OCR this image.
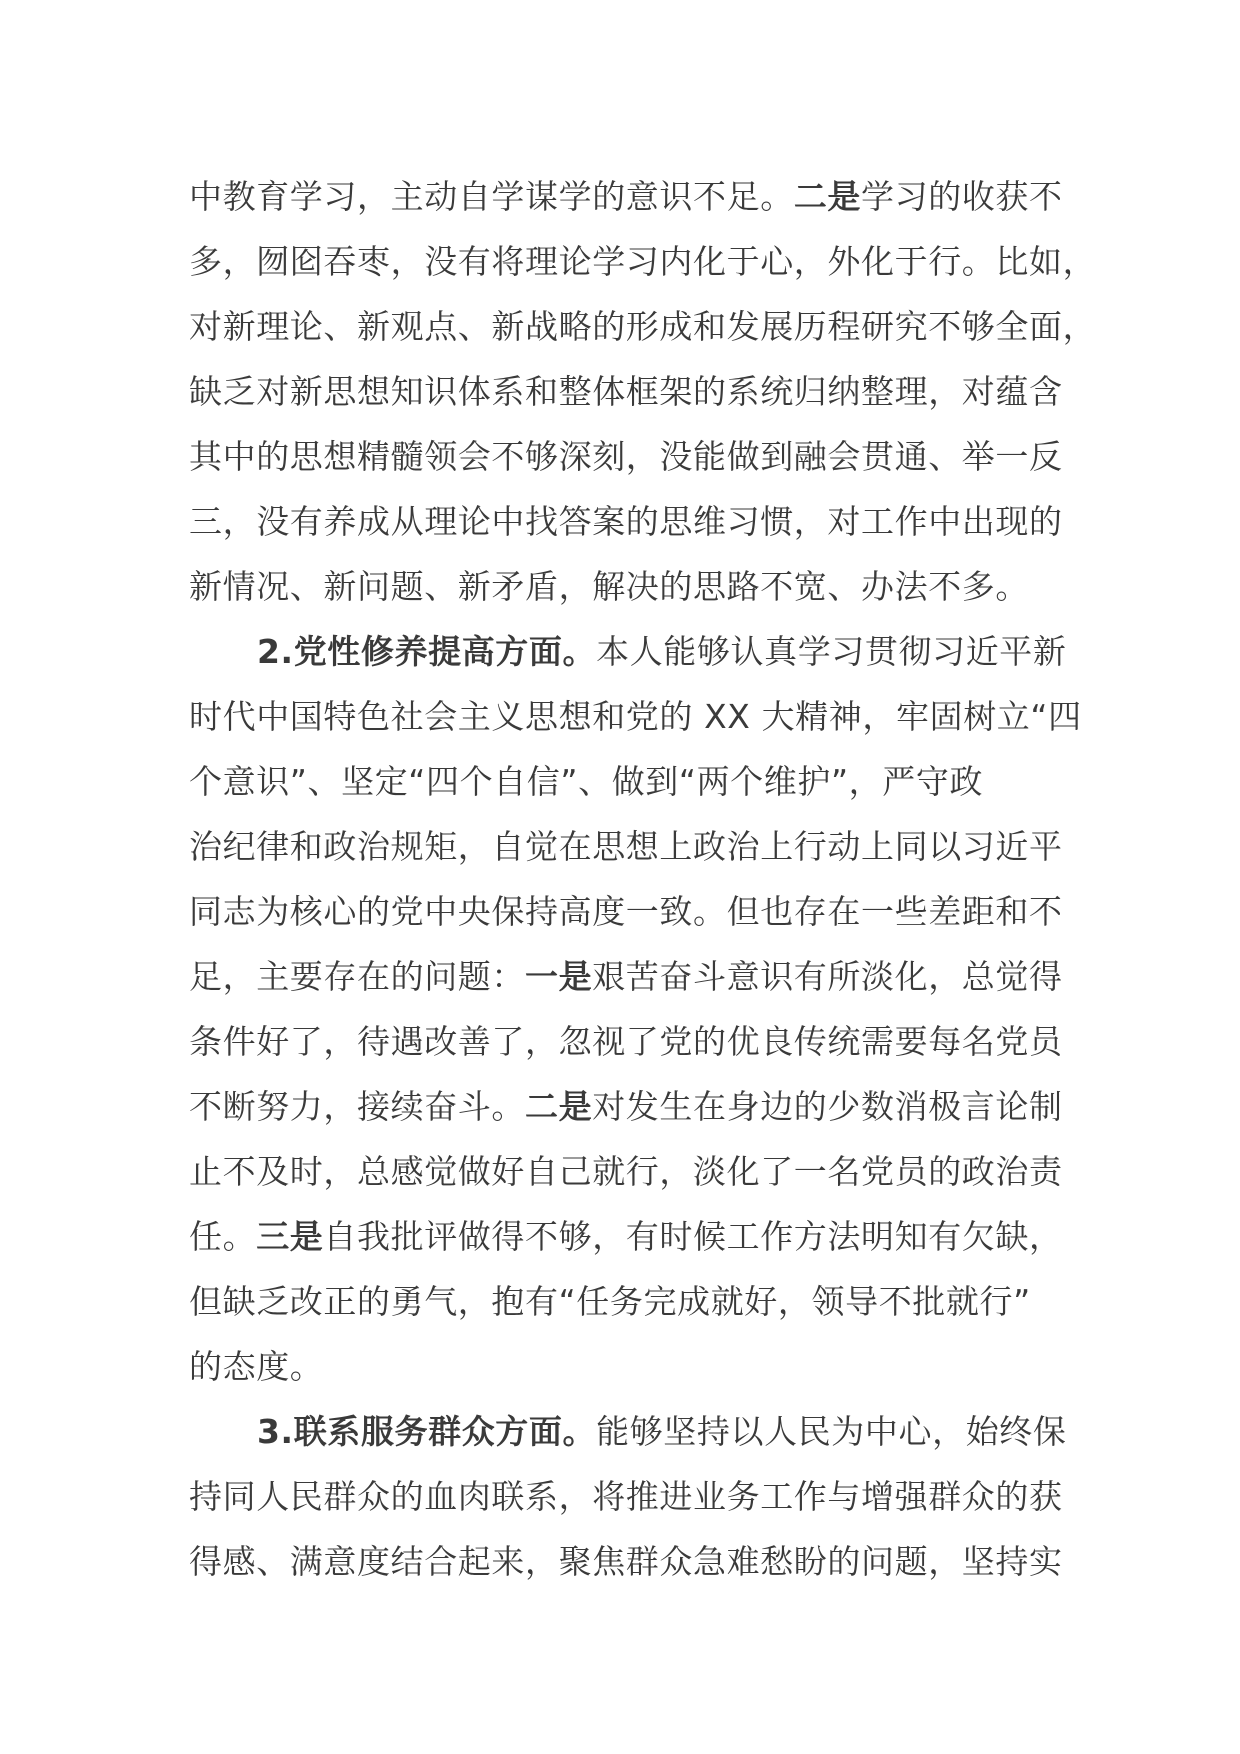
中教育学习，主动自学谋学的意识不足。二是学习的收获不
多，囫囵吞枣，没有将理论学习内化于心，外化于行。比如，
对新理论、新观点、新战略的形成和发展历程研究不够全面，
缺乏对新思想知识体系和整体框架的系统归纳整理，对蕴含
其中的思想精髓领会不够深刻，没能做到融会贯通、举一反
三，没有养成从理论中找答案的思维习惯，对工作中出现的
新情况、新问题、新矛盾，解决的思路不宽、办法不多。
2.党性修养提高方面。本人能够认真学习贯彻习近平新
时代中国特色社会主义思想和党的 XX 大精神，牢固树立“四
个意识”、坚定“四个自信”、做到“两个维护”，严守政
治纪律和政治规矩，自觉在思想上政治上行动上同以习近平
同志为核心的党中央保持高度一致。但也存在一些差距和不
足，主要存在的问题：一是艰苦奋斗意识有所淡化，总觉得
条件好了，待遇改善了，忽视了党的优良传统需要每名党员
不断努力，接续奋斗。二是对发生在身边的少数消极言论制
止不及时，总感觉做好自己就行，淡化了一名党员的政治责
任。三是自我批评做得不够，有时候工作方法明知有欠缺，
但缺乏改正的勇气，抱有“任务完成就好，领导不批就行”
的态度。
3.联系服务群众方面。能够坚持以人民为中心，始终保
持同人民群众的血肉联系，将推进业务工作与增强群众的获
得感、满意度结合起来，聚焦群众急难愁盼的问题，坚持实
